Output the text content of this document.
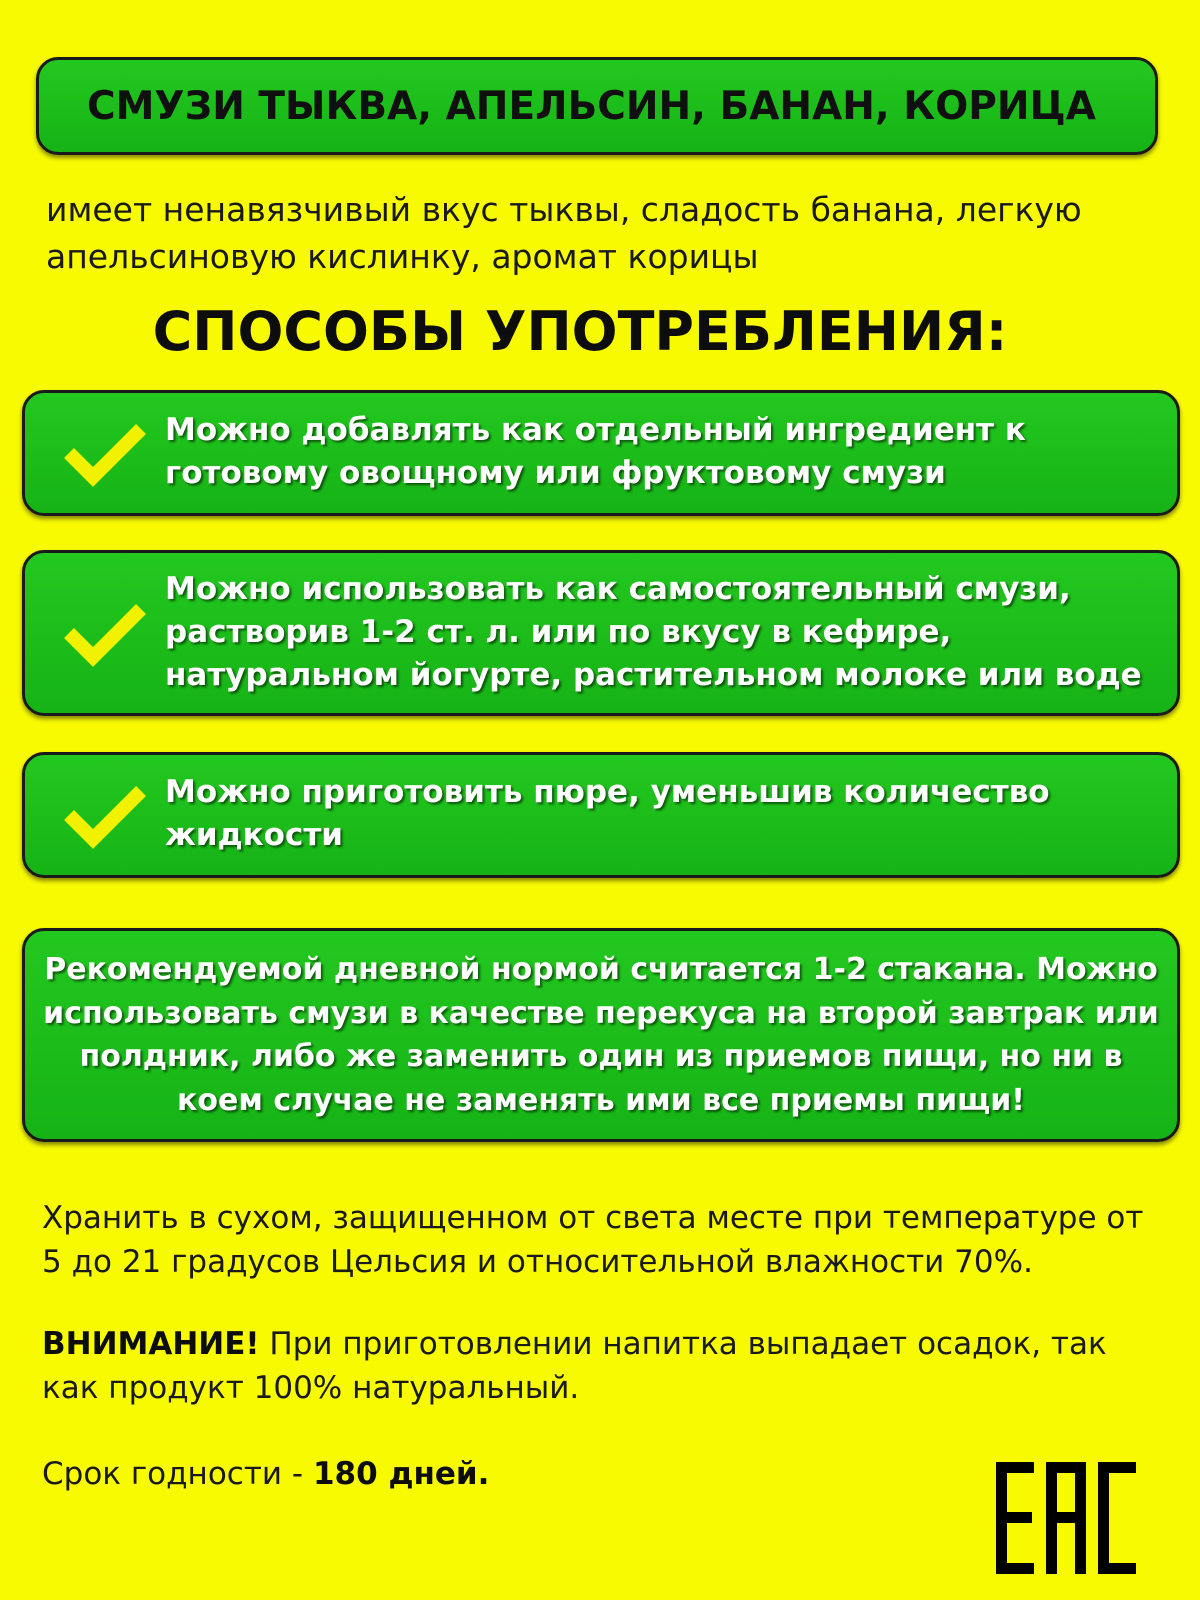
СМУЗИ ТЫКВА, АПЕЛЬСИН, БАНАН, КОРИЦА
имеет ненавязчивый вкус тыквы, сладость банана, легкую апельсиновую кислинку, аромат корицы
СПОСОБЫ УПОТРЕБЛЕНИЯ:
Можно добавлять как отдельный ингредиент к готовому овощному или фруктовому смузи
Можно использовать как самостоятельный смузи, растворив 1-2 ст. л. или по вкусу в кефире, натуральном йогурте, растительном молоке или воде
Можно приготовить пюре, уменьшив количество жидкости
Рекомендуемой дневной нормой считается 1-2 стакана. Можно использовать смузи в качестве перекуса на второй завтрак или полдник, либо же заменить один из приемов пищи, но ни в коем случае не заменять ими все приемы пищи!
Хранить в сухом, защищенном от света месте при температуре от 5 до 21 градусов Цельсия и относительной влажности 70%.
ВНИМАНИЕ! При приготовлении напитка выпадает осадок, так как продукт 100% натуральный.
Срок годности - 180 дней.
